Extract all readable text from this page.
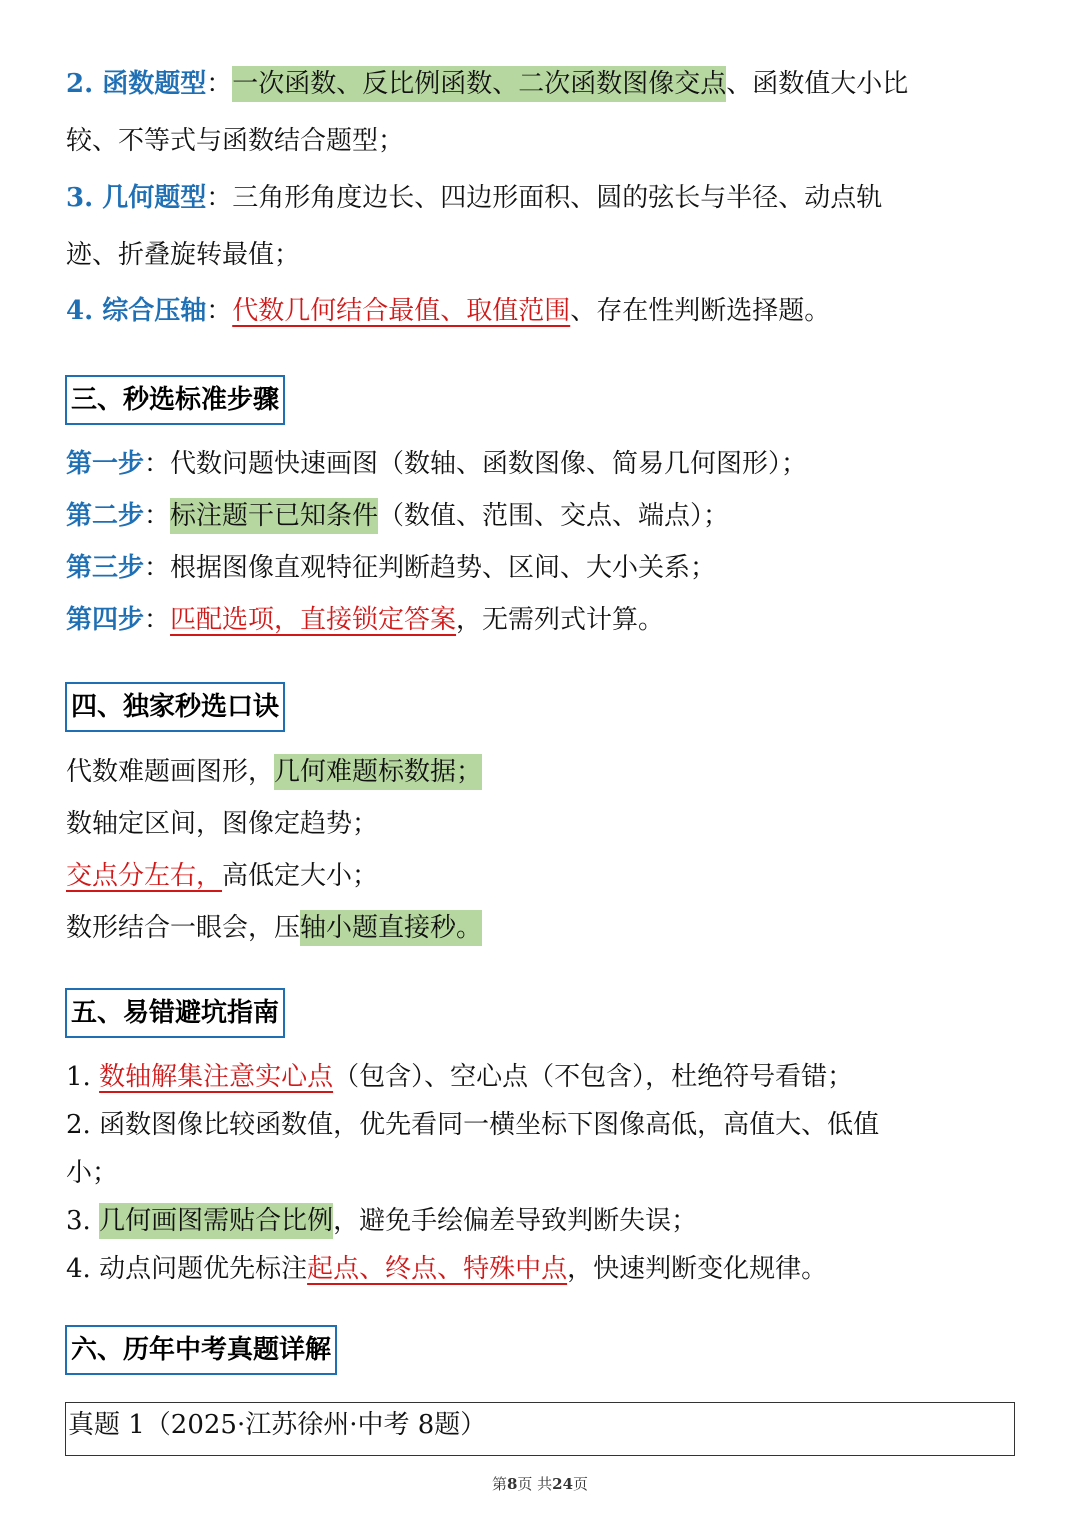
2. 函数题型：一次函数、反比例函数、二次函数图像交点、函数值大小比
较、不等式与函数结合题型；
3. 几何题型：三角形角度边长、四边形面积、圆的弦长与半径、动点轨
迹、折叠旋转最值；
4. 综合压轴：代数几何结合最值、取值范围、存在性判断选择题。
三、秒选标准步骤
第一步：代数问题快速画图（数轴、函数图像、简易几何图形）；
第二步：标注题干已知条件（数值、范围、交点、端点）；
第三步：根据图像直观特征判断趋势、区间、大小关系；
第四步：匹配选项，直接锁定答案，无需列式计算。
四、独家秒选口诀
代数难题画图形，几何难题标数据；
数轴定区间，图像定趋势；
交点分左右，高低定大小；
数形结合一眼会，压轴小题直接秒。
五、易错避坑指南
1. 数轴解集注意实心点（包含）、空心点（不包含），杜绝符号看错；
2. 函数图像比较函数值，优先看同一横坐标下图像高低，高值大、低值
小；
3. 几何画图需贴合比例，避免手绘偏差导致判断失误；
4. 动点问题优先标注起点、终点、特殊中点，快速判断变化规律。
六、历年中考真题详解
真题 1（2025·江苏徐州·中考 8题）
第8页 共24页
